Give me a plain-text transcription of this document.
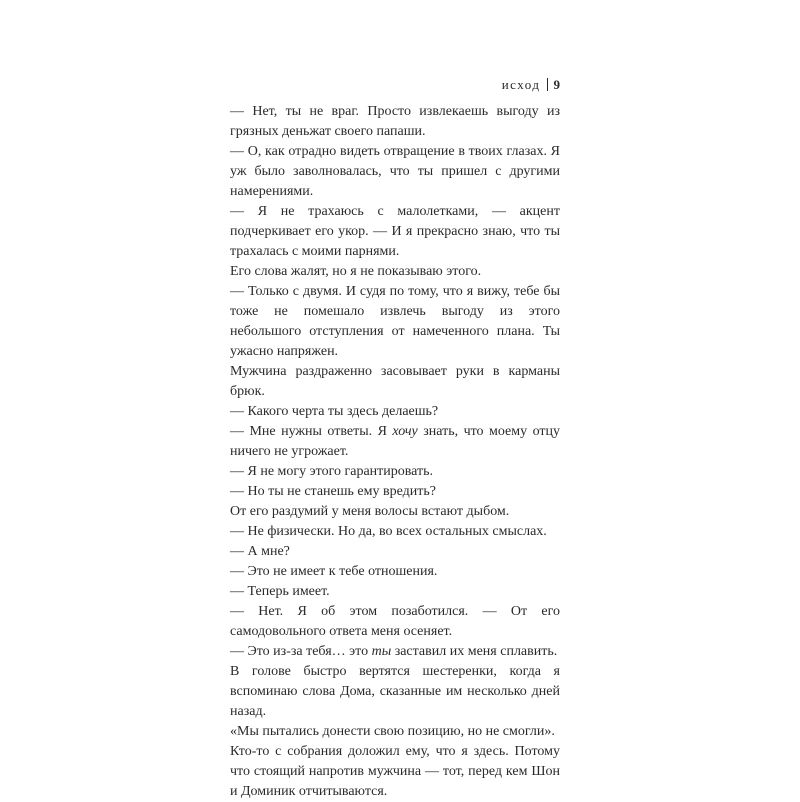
исход 9

— Нет, ты не враг. Просто извлекаешь выгоду из грязных деньжат своего папаши.

— О, как отрадно видеть отвращение в твоих глазах. Я уж было заволновалась, что ты пришел с другими намерениями.

— Я не трахаюсь с малолетками, — акцент подчеркивает его укор. — И я прекрасно знаю, что ты трахалась с моими парнями.

Его слова жалят, но я не показываю этого.

— Только с двумя. И судя по тому, что я вижу, тебе бы тоже не помешало извлечь выгоду из этого небольшого отступления от намеченного плана. Ты ужасно напряжен.

Мужчина раздраженно засовывает руки в карманы брюк.

— Какого черта ты здесь делаешь?

— Мне нужны ответы. Я хочу знать, что моему отцу ничего не угрожает.

— Я не могу этого гарантировать.

— Но ты не станешь ему вредить?

От его раздумий у меня волосы встают дыбом.

— Не физически. Но да, во всех остальных смыслах.

— А мне?

— Это не имеет к тебе отношения.

— Теперь имеет.

— Нет. Я об этом позаботился. — От его самодовольного ответа меня осеняет.

— Это из-за тебя… это ты заставил их меня сплавить.

В голове быстро вертятся шестеренки, когда я вспоминаю слова Дома, сказанные им несколько дней назад.

«Мы пытались донести свою позицию, но не смогли».

Кто-то с собрания доложил ему, что я здесь. Потому что стоящий напротив мужчина — тот, перед кем Шон и Доминик отчитываются.
